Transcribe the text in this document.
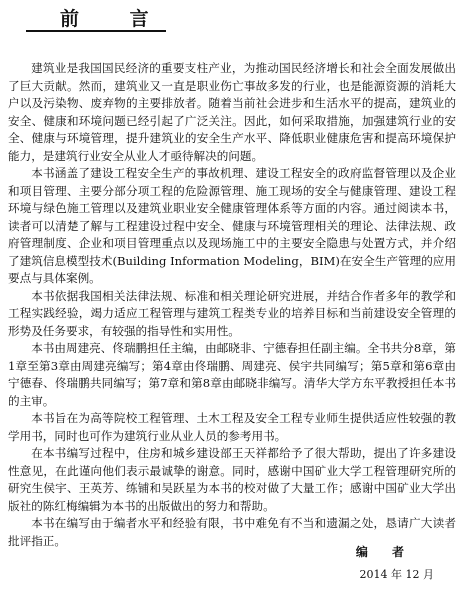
前 言

建筑业是我国国民经济的重要支柱产业，为推动国民经济增长和社会全面发展做出了巨大贡献。然而，建筑业又一直是职业伤亡事故多发的行业，也是能源资源的消耗大户以及污染物、废弃物的主要排放者。随着当前社会进步和生活水平的提高，建筑业的安全、健康和环境问题已经引起了广泛关注。因此，如何采取措施，加强建筑行业的安全、健康与环境管理，提升建筑业的安全生产水平、降低职业健康危害和提高环境保护能力，是建筑行业安全从业人才亟待解决的问题。

本书涵盖了建设工程安全生产的事故机理、建设工程安全的政府监督管理以及企业和项目管理、主要分部分项工程的危险源管理、施工现场的安全与健康管理、建设工程环境与绿色施工管理以及建筑业职业安全健康管理体系等方面的内容。通过阅读本书，读者可以清楚了解与工程建设过程中安全、健康与环境管理相关的理论、法律法规、政府管理制度、企业和项目管理重点以及现场施工中的主要安全隐患与处置方式，并介绍了建筑信息模型技术(Building Information Modeling，BIM)在安全生产管理的应用要点与具体案例。

本书依据我国相关法律法规、标准和相关理论研究进展，并结合作者多年的教学和工程实践经验，竭力适应工程管理与建筑工程类专业的培养目标和当前建设安全管理的形势及任务要求，有较强的指导性和实用性。

本书由周建亮、佟瑞鹏担任主编，由邮晓非、宁德春担任副主编。全书共分8章，第1章至第3章由周建亮编写；第4章由佟瑞鹏、周建亮、侯宇共同编写；第5章和第6章由宁德春、佟瑞鹏共同编写；第7章和第8章由邮晓非编写。清华大学方东平教授担任本书的主审。

本书旨在为高等院校工程管理、土木工程及安全工程专业师生提供适应性较强的教学用书，同时也可作为建筑行业从业人员的参考用书。

在本书编写过程中，住房和城乡建设部王天祥都给予了很大帮助，提出了许多建设性意见，在此谨向他们表示最诚挚的谢意。同时，感谢中国矿业大学工程管理研究所的研究生侯宇、王英芳、练铺和吴跃星为本书的校对做了大量工作；感谢中国矿业大学出版社的陈红梅编辑为本书的出版做出的努力和帮助。

本书在编写由于编者水平和经验有限，书中难免有不当和遗漏之处，恳请广大读者批评指正。

编 者
2014 年 12 月
